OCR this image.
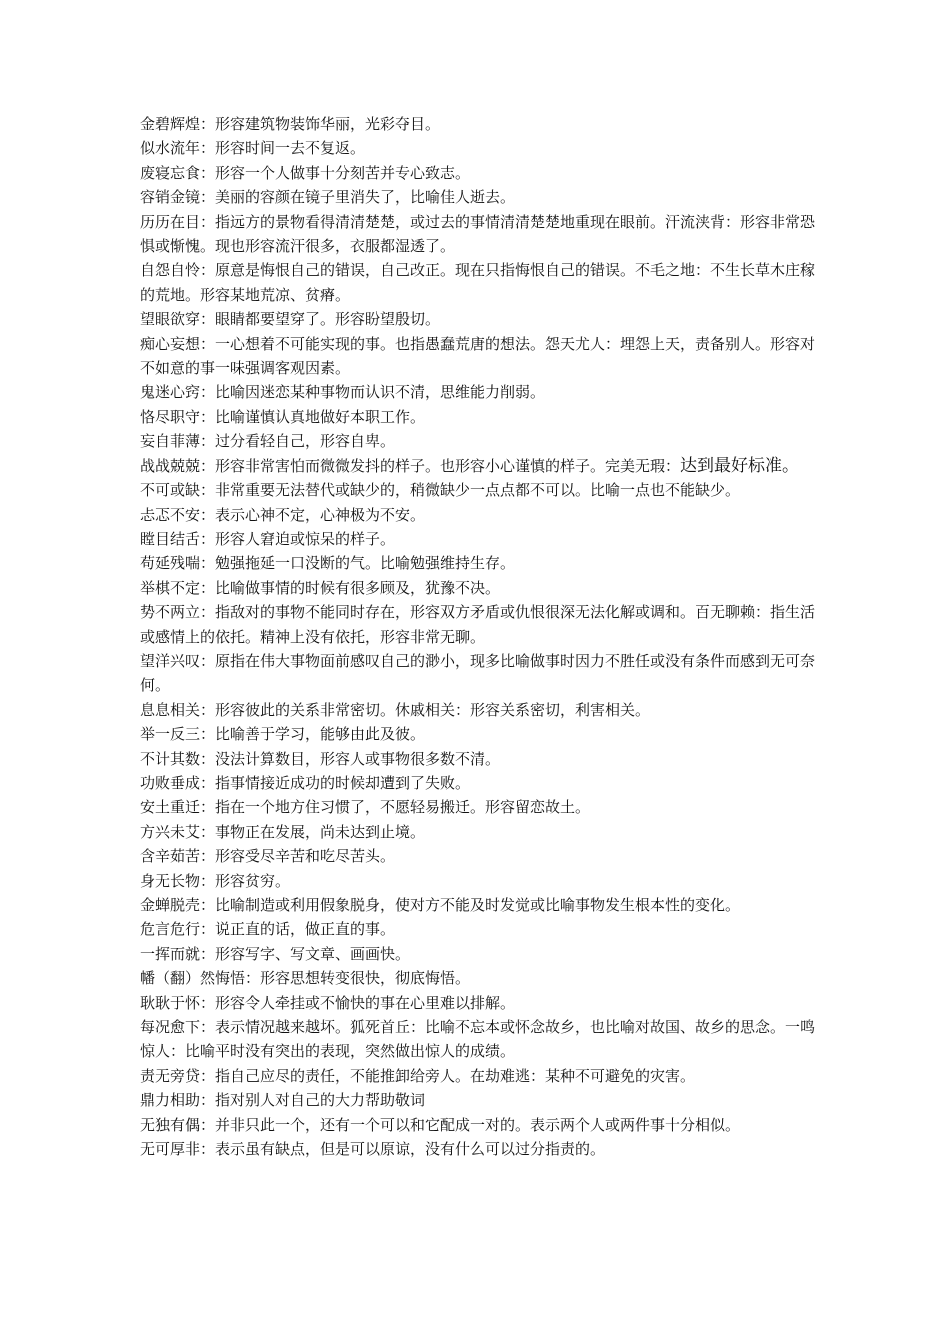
金碧辉煌：形容建筑物装饰华丽，光彩夺目。

似水流年：形容时间一去不复返。

废寝忘食：形容一个人做事十分刻苦并专心致志。

容销金镜：美丽的容颜在镜子里消失了，比喻佳人逝去。

历历在目：指远方的景物看得清清楚楚，或过去的事情清清楚楚地重现在眼前。汗流浃背：形容非常恐惧或惭愧。现也形容流汗很多，衣服都湿透了。

自怨自怜：原意是悔恨自己的错误，自己改正。现在只指悔恨自己的错误。不毛之地：不生长草木庄稼的荒地。形容某地荒凉、贫瘠。

望眼欲穿：眼睛都要望穿了。形容盼望殷切。

痴心妄想：一心想着不可能实现的事。也指愚蠢荒唐的想法。怨天尤人：埋怨上天，责备别人。形容对不如意的事一味强调客观因素。

鬼迷心窍：比喻因迷恋某种事物而认识不清，思维能力削弱。

恪尽职守：比喻谨慎认真地做好本职工作。

妄自菲薄：过分看轻自己，形容自卑。

战战兢兢：形容非常害怕而微微发抖的样子。也形容小心谨慎的样子。完美无瑕：达到最好标准。

不可或缺：非常重要无法替代或缺少的，稍微缺少一点点都不可以。比喻一点也不能缺少。

忐忑不安：表示心神不定，心神极为不安。

瞠目结舌：形容人窘迫或惊呆的样子。

苟延残喘：勉强拖延一口没断的气。比喻勉强维持生存。

举棋不定：比喻做事情的时候有很多顾及，犹豫不决。

势不两立：指敌对的事物不能同时存在，形容双方矛盾或仇恨很深无法化解或调和。百无聊赖：指生活或感情上的依托。精神上没有依托，形容非常无聊。

望洋兴叹：原指在伟大事物面前感叹自己的渺小，现多比喻做事时因力不胜任或没有条件而感到无可奈何。

息息相关：形容彼此的关系非常密切。休戚相关：形容关系密切，利害相关。

举一反三：比喻善于学习，能够由此及彼。

不计其数：没法计算数目，形容人或事物很多数不清。

功败垂成：指事情接近成功的时候却遭到了失败。

安土重迁：指在一个地方住习惯了，不愿轻易搬迁。形容留恋故土。

方兴未艾：事物正在发展，尚未达到止境。

含辛茹苦：形容受尽辛苦和吃尽苦头。

身无长物：形容贫穷。

金蝉脱壳：比喻制造或利用假象脱身，使对方不能及时发觉或比喻事物发生根本性的变化。

危言危行：说正直的话，做正直的事。

一挥而就：形容写字、写文章、画画快。

幡（翻）然悔悟：形容思想转变很快，彻底悔悟。

耿耿于怀：形容令人牵挂或不愉快的事在心里难以排解。

每况愈下：表示情况越来越坏。狐死首丘：比喻不忘本或怀念故乡，也比喻对故国、故乡的思念。一鸣惊人：比喻平时没有突出的表现，突然做出惊人的成绩。

责无旁贷：指自己应尽的责任，不能推卸给旁人。在劫难逃：某种不可避免的灾害。

鼎力相助：指对别人对自己的大力帮助敬词

无独有偶：并非只此一个，还有一个可以和它配成一对的。表示两个人或两件事十分相似。

无可厚非：表示虽有缺点，但是可以原谅，没有什么可以过分指责的。
